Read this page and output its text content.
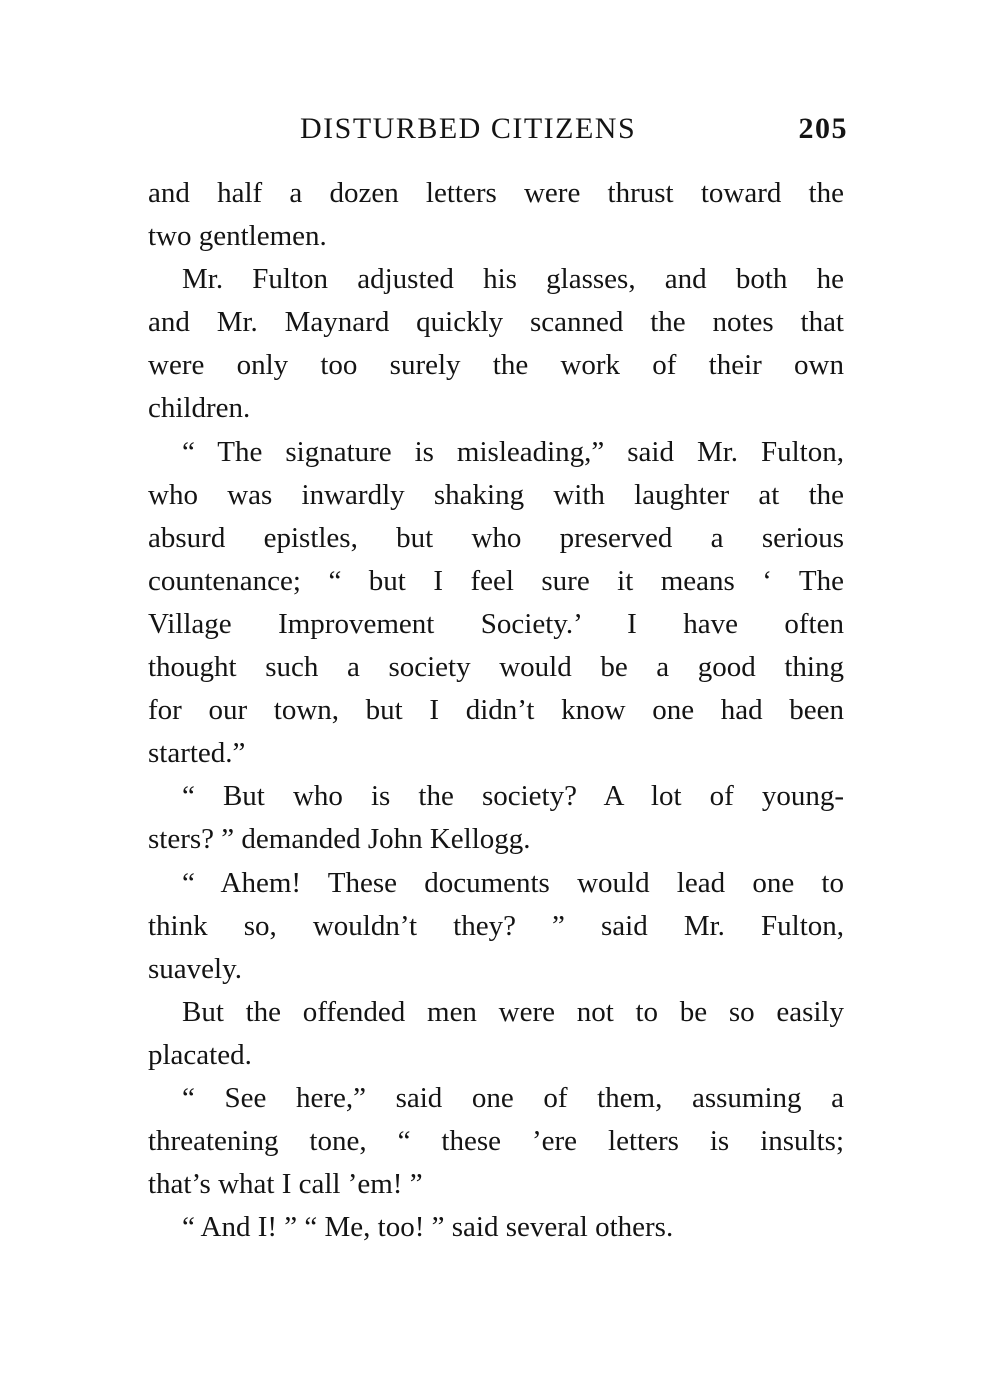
DISTURBED CITIZENS	205
and half a dozen letters were thrust toward the
two gentlemen.
Mr. Fulton adjusted his glasses, and both he
and Mr. Maynard quickly scanned the notes that
were only too surely the work of their own
children.
“ The signature is misleading,” said Mr. Fulton,
who was inwardly shaking with laughter at the
absurd epistles, but who preserved a serious
countenance; “ but I feel sure it means ‘ The
Village Improvement Society.’ I have often
thought such a society would be a good thing
for our town, but I didn’t know one had been
started.”
“ But who is the society? A lot of young-
sters? ” demanded John Kellogg.
“ Ahem! These documents would lead one to
think so, wouldn’t they? ” said Mr. Fulton,
suavely.
But the offended men were not to be so easily
placated.
“ See here,” said one of them, assuming a
threatening tone, “ these ’ere letters is insults;
that’s what I call ’em! ”
“ And I! ” “ Me, too! ” said several others.
